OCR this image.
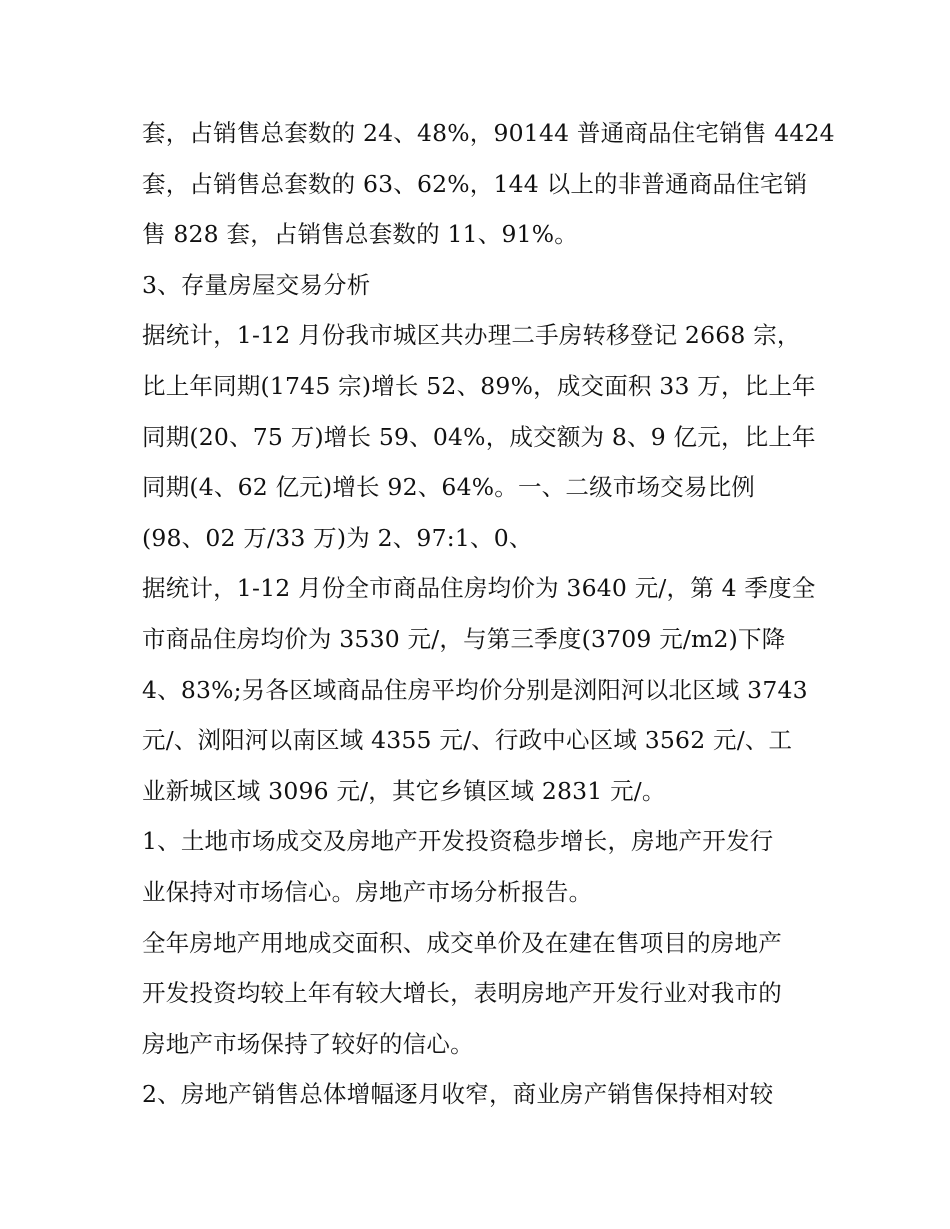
套，占销售总套数的 24、48%，90144 普通商品住宅销售 4424
套，占销售总套数的 63、62%，144 以上的非普通商品住宅销
售 828 套，占销售总套数的 11、91%。
3、存量房屋交易分析
据统计，1-12 月份我市城区共办理二手房转移登记 2668 宗，
比上年同期(1745 宗)增长 52、89%，成交面积 33 万，比上年
同期(20、75 万)增长 59、04%，成交额为 8、9 亿元，比上年
同期(4、62 亿元)增长 92、64%。一、二级市场交易比例
(98、02 万/33 万)为 2、97:1、0、
据统计，1-12 月份全市商品住房均价为 3640 元/，第 4 季度全
市商品住房均价为 3530 元/，与第三季度(3709 元/m2)下降
4、83%;另各区域商品住房平均价分别是浏阳河以北区域 3743
元/、浏阳河以南区域 4355 元/、行政中心区域 3562 元/、工
业新城区域 3096 元/，其它乡镇区域 2831 元/。
1、土地市场成交及房地产开发投资稳步增长，房地产开发行
业保持对市场信心。房地产市场分析报告。
全年房地产用地成交面积、成交单价及在建在售项目的房地产
开发投资均较上年有较大增长，表明房地产开发行业对我市的
房地产市场保持了较好的信心。
2、房地产销售总体增幅逐月收窄，商业房产销售保持相对较
